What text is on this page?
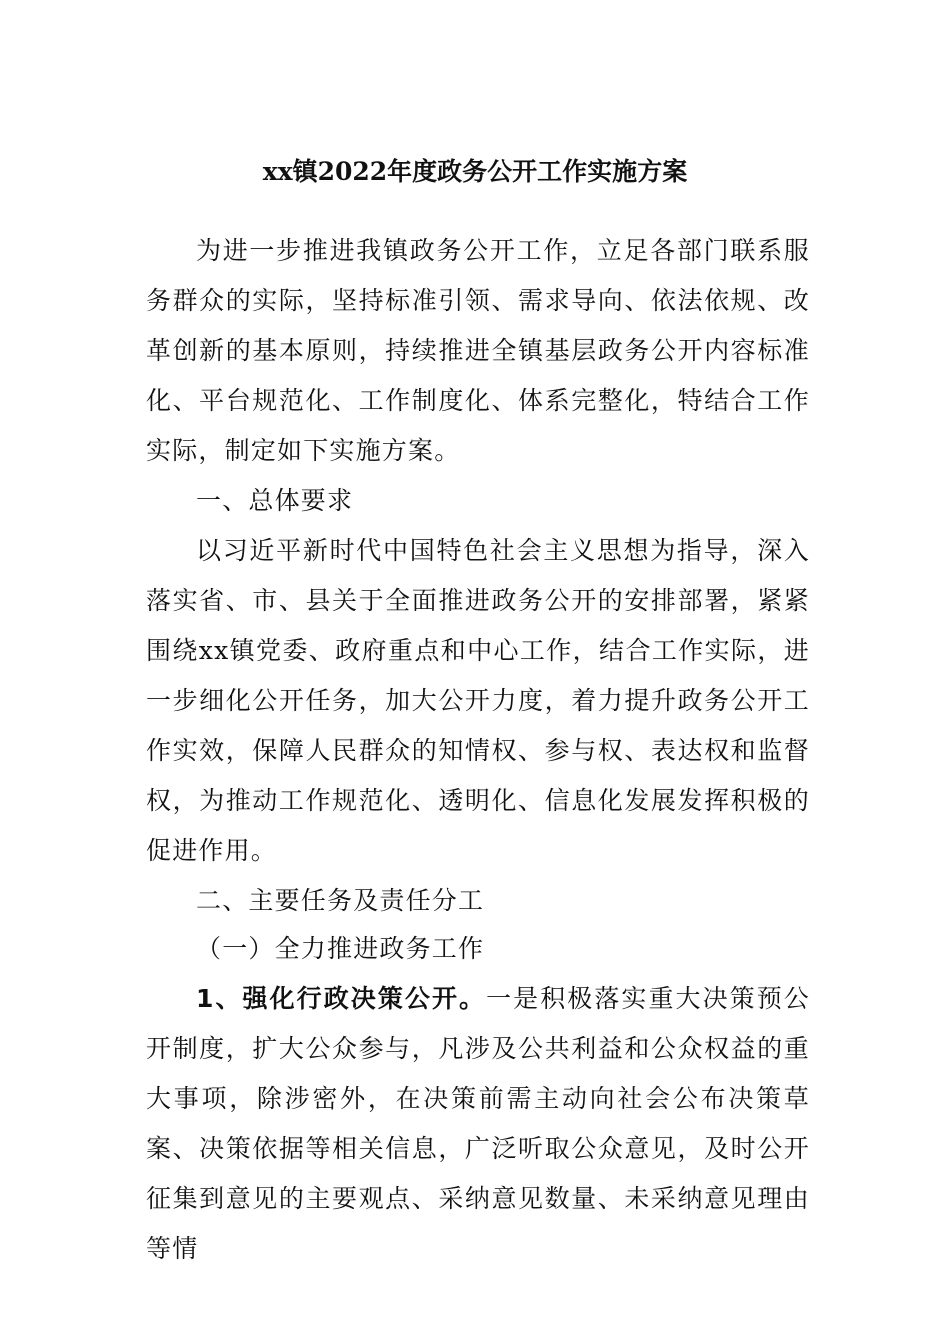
xx镇2022年度政务公开工作实施方案
为进一步推进我镇政务公开工作，立足各部门联系服务群众的实际，坚持标准引领、需求导向、依法依规、改革创新的基本原则，持续推进全镇基层政务公开内容标准化、平台规范化、工作制度化、体系完整化，特结合工作实际，制定如下实施方案。
一、总体要求
以习近平新时代中国特色社会主义思想为指导，深入落实省、市、县关于全面推进政务公开的安排部署，紧紧围绕xx镇党委、政府重点和中心工作，结合工作实际，进一步细化公开任务，加大公开力度，着力提升政务公开工作实效，保障人民群众的知情权、参与权、表达权和监督权，为推动工作规范化、透明化、信息化发展发挥积极的促进作用。
二、主要任务及责任分工
（一）全力推进政务工作
1、强化行政决策公开。一是积极落实重大决策预公开制度，扩大公众参与，凡涉及公共利益和公众权益的重大事项，除涉密外，在决策前需主动向社会公布决策草案、决策依据等相关信息，广泛听取公众意见，及时公开征集到意见的主要观点、采纳意见数量、未采纳意见理由等情
